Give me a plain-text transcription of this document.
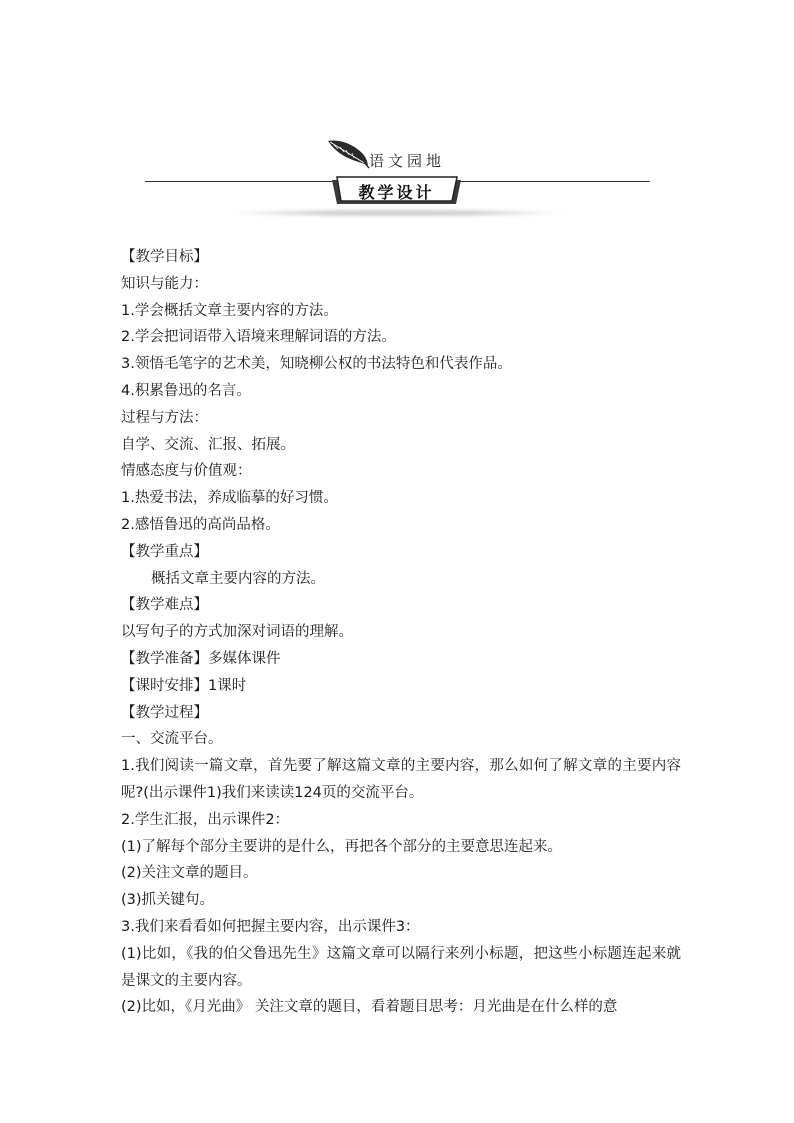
语文园地
教学设计
【教学目标】
知识与能力：
1.学会概括文章主要内容的方法。
2.学会把词语带入语境来理解词语的方法。
3.领悟毛笔字的艺术美，知晓柳公权的书法特色和代表作品。
4.积累鲁迅的名言。
过程与方法：
自学、交流、汇报、拓展。
情感态度与价值观：
1.热爱书法，养成临摹的好习惯。
2.感悟鲁迅的高尚品格。
【教学重点】
概括文章主要内容的方法。
【教学难点】
以写句子的方式加深对词语的理解。
【教学准备】多媒体课件
【课时安排】1课时
【教学过程】
一、交流平台。
1.我们阅读一篇文章，首先要了解这篇文章的主要内容，那么如何了解文章的主要内容呢?(出示课件1)我们来读读124页的交流平台。
2.学生汇报，出示课件2：
(1)了解每个部分主要讲的是什么，再把各个部分的主要意思连起来。
(2)关注文章的题目。
(3)抓关键句。
3.我们来看看如何把握主要内容，出示课件3：
(1)比如，《我的伯父鲁迅先生》这篇文章可以隔行来列小标题，把这些小标题连起来就是课文的主要内容。
(2)比如，《月光曲》 关注文章的题目，看着题目思考：月光曲是在什么样的意
